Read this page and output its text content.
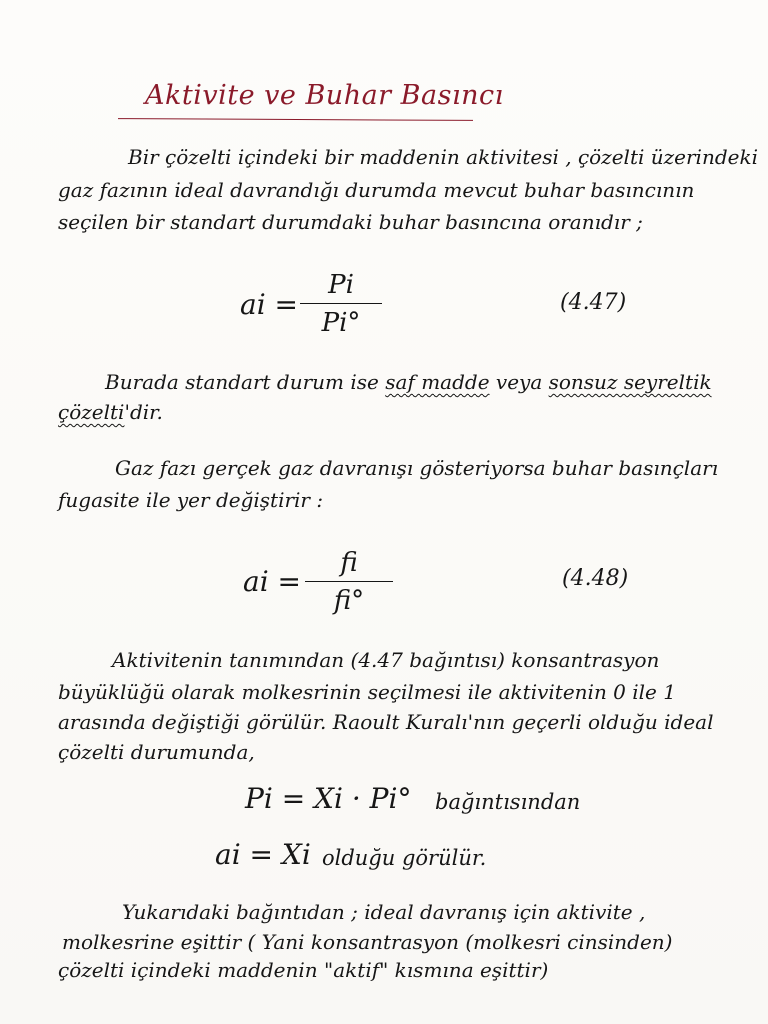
Aktivite ve Buhar Basıncı
Bir çözelti içindeki bir maddenin aktivitesi , çözelti üzerindeki
gaz fazının ideal davrandığı durumda mevcut buhar basıncının
seçilen bir standart durumdaki buhar basıncına oranıdır ;
ai =
Pi
Pi°
(4.47)
Burada standart durum ise saf madde veya sonsuz seyreltik
çözelti'dir.
Gaz fazı gerçek gaz davranışı gösteriyorsa buhar basınçları
fugasite ile yer değiştirir :
ai =
fi
fi°
(4.48)
Aktivitenin tanımından (4.47 bağıntısı) konsantrasyon
büyüklüğü olarak molkesrinin seçilmesi ile aktivitenin 0 ile 1
arasında değiştiği görülür. Raoult Kuralı'nın geçerli olduğu ideal
çözelti durumunda,
Pi = Xi · Pi° bağıntısından
ai = Xi olduğu görülür.
Yukarıdaki bağıntıdan ; ideal davranış için aktivite ,
molkesrine eşittir ( Yani konsantrasyon (molkesri cinsinden)
çözelti içindeki maddenin "aktif" kısmına eşittir)
